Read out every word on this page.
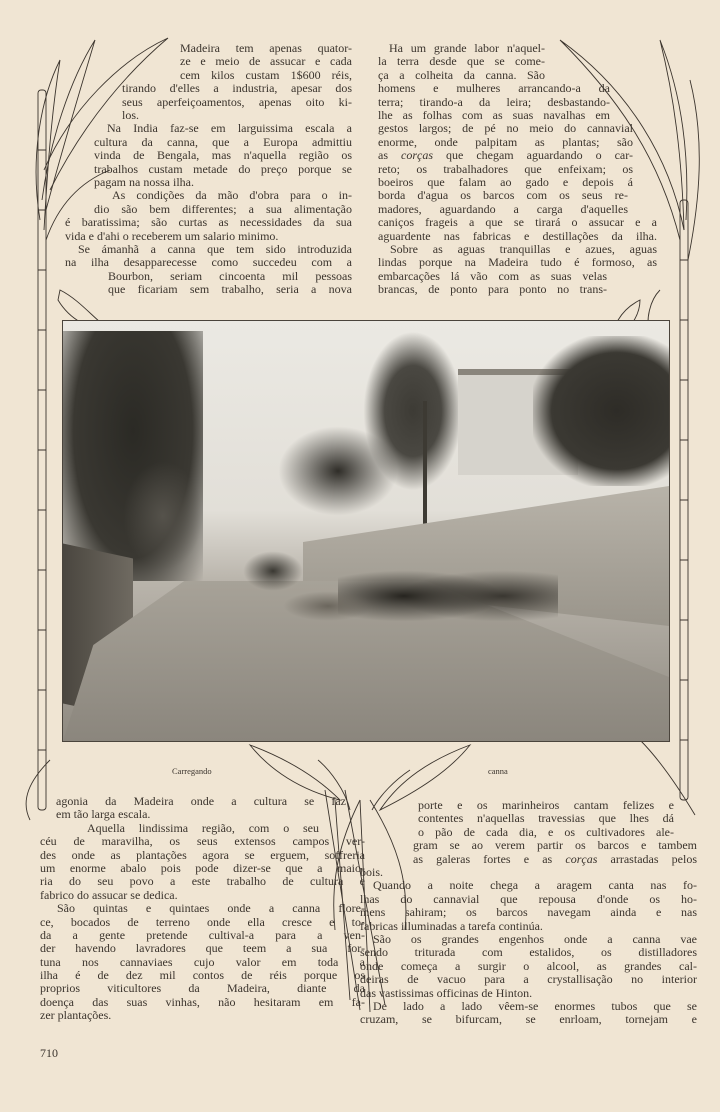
Madeira tem apenas quator-
ze e meio de assucar e cada
cem kilos custam 1$600 réis,
tirando d'elles a industria, apesar dos
seus aperfeiçoamentos, apenas oito ki-
los.
Na India faz-se em larguissima escala a
cultura da canna, que a Europa admittiu
vinda de Bengala, mas n'aquella região os
trabalhos custam metade do preço porque se
pagam na nossa ilha.
As condições da mão d'obra para o in-
dio são bem differentes; a sua alimentação
é baratissima; são curtas as necessidades da sua
vida e d'ahi o receberem um salario minimo.
Se ámanhã a canna que tem sido introduzida
na ilha desapparecesse como succedeu com a
Bourbon, seriam cincoenta mil pessoas
que ficariam sem trabalho, seria a nova
Ha um grande labor n'aquel-
la terra desde que se come-
ça a colheita da canna. São
homens e mulheres arrancando-a da
terra; tirando-a da leira; desbastando-
lhe as folhas com as suas navalhas em
gestos largos; de pé no meio do cannavial
enorme, onde palpitam as plantas; são
as corças que chegam aguardando o car-
reto; os trabalhadores que enfeixam; os
boeiros que falam ao gado e depois á
borda d'agua os barcos com os seus re-
madores, aguardando a carga d'aquelles
caniços frageis a que se tirará o assucar e a
aguardente nas fabricas e destillações da ilha.
Sobre as aguas tranquillas e azues, aguas
lindas porque na Madeira tudo é formoso, as
embarcações lá vão com as suas velas
brancas, de ponto para ponto no trans-
Carregando	canna
agonia da Madeira onde a cultura se faz
em tão larga escala.
Aquella lindissima região, com o seu
céu de maravilha, os seus extensos campos ver-
des onde as plantações agora se erguem, soffreria
um enorme abalo pois pode dizer-se que a maio-
ria do seu povo a este trabalho de cultura e
fabrico do assucar se dedica.
São quintas e quintaes onde a canna flore-
ce, bocados de terreno onde ella cresce e to-
da a gente pretende cultival-a para a ven-
der havendo lavradores que teem a sua for-
tuna nos cannaviaes cujo valor em toda a
ilha é de dez mil contos de réis porque os
proprios viticultores da Madeira, diante da
doença das suas vinhas, não hesitaram em fa-
zer plantações.
porte e os marinheiros cantam felizes e
contentes n'aquellas travessias que lhes dá
o pão de cada dia, e os cultivadores ale-
gram se ao verem partir os barcos e tambem
as galeras fortes e as corças arrastadas pelos
bois.
Quando a noite chega a aragem canta nas fo-
lhas do cannavial que repousa d'onde os ho-
mens sahiram; os barcos navegam ainda e nas
fabricas illuminadas a tarefa continúa.
São os grandes engenhos onde a canna vae
sendo triturada com estalidos, os distilladores
onde começa a surgir o alcool, as grandes cal-
deiras de vacuo para a crystallisação no interior
das vastissimas officinas de Hinton.
De lado a lado vêem-se enormes tubos que se
cruzam, se bifurcam, se enrloam, tornejam e
710
